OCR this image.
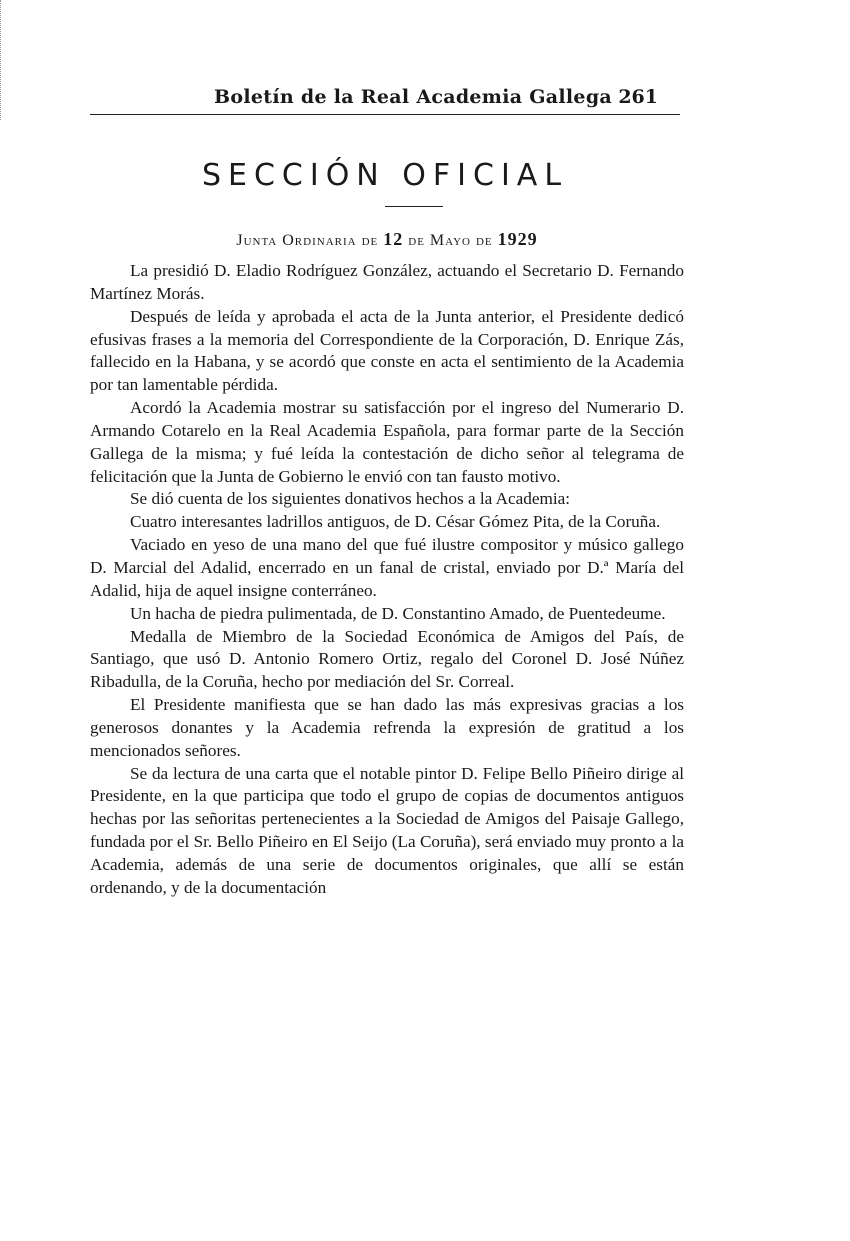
Boletín de la Real Academia Gallega 261
SECCIÓN OFICIAL
Junta Ordinaria de 12 de Mayo de 1929

La presidió D. Eladio Rodríguez González, actuando el Secretario D. Fernando Martínez Morás.

Después de leída y aprobada el acta de la Junta anterior, el Presidente dedicó efusivas frases a la memoria del Correspondiente de la Corporación, D. Enrique Zás, fallecido en la Habana, y se acordó que conste en acta el sentimiento de la Academia por tan lamentable pérdida.

Acordó la Academia mostrar su satisfacción por el ingreso del Numerario D. Armando Cotarelo en la Real Academia Española, para formar parte de la Sección Gallega de la misma; y fué leída la contestación de dicho señor al telegrama de felicitación que la Junta de Gobierno le envió con tan fausto motivo.

Se dió cuenta de los siguientes donativos hechos a la Academia:

Cuatro interesantes ladrillos antiguos, de D. César Gómez Pita, de la Coruña.

Vaciado en yeso de una mano del que fué ilustre compositor y músico gallego D. Marcial del Adalid, encerrado en un fanal de cristal, enviado por D.ª María del Adalid, hija de aquel insigne conterráneo.

Un hacha de piedra pulimentada, de D. Constantino Amado, de Puentedeume.

Medalla de Miembro de la Sociedad Económica de Amigos del País, de Santiago, que usó D. Antonio Romero Ortiz, regalo del Coronel D. José Núñez Ribadulla, de la Coruña, hecho por mediación del Sr. Correal.

El Presidente manifiesta que se han dado las más expresivas gracias a los generosos donantes y la Academia refrenda la expresión de gratitud a los mencionados señores.

Se da lectura de una carta que el notable pintor D. Felipe Bello Piñeiro dirige al Presidente, en la que participa que todo el grupo de copias de documentos antiguos hechas por las señoritas pertenecientes a la Sociedad de Amigos del Paisaje Gallego, fundada por el Sr. Bello Piñeiro en El Seijo (La Coruña), será enviado muy pronto a la Academia, además de una serie de documentos originales, que allí se están ordenando, y de la documentación
